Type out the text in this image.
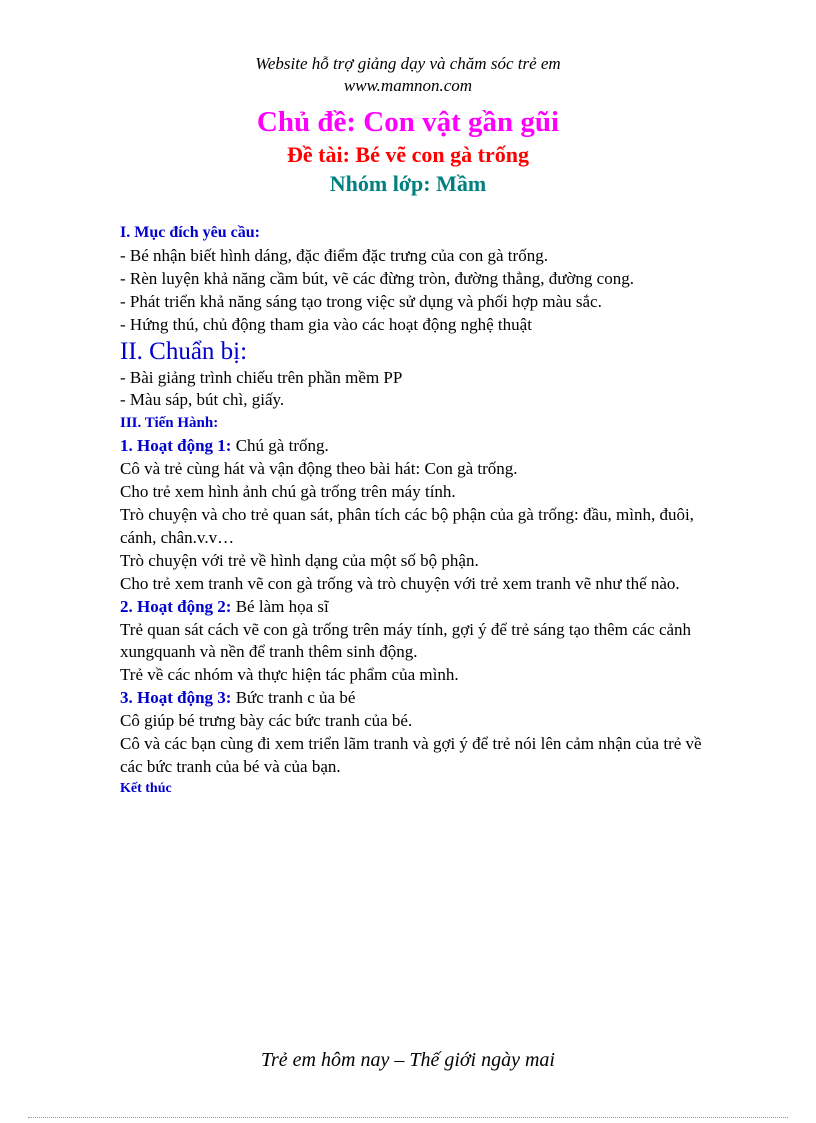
Website hỗ trợ giảng dạy và chăm sóc trẻ em
www.mamnon.com
Chủ đề: Con vật gần gũi
Đề tài: Bé vẽ con gà trống
Nhóm lớp: Mầm

I. Mục đích yêu cầu:

- Bé nhận biết hình dáng, đặc điểm đặc trưng của con gà trống.

- Rèn luyện khả năng cầm bút, vẽ các đừng tròn, đường thẳng, đường cong.

- Phát triển khả năng sáng tạo trong việc sử dụng và phối hợp màu sắc.

- Hứng thú, chủ động tham gia vào các hoạt động nghệ thuật

II. Chuẩn bị:

- Bài giảng trình chiếu trên phần mềm PP

- Màu sáp, bút chì, giấy.

III. Tiến Hành:

1. Hoạt động 1: Chú gà trống.

Cô và trẻ cùng hát và vận động theo bài hát: Con gà trống.

Cho trẻ xem hình ảnh chú gà trống trên máy tính.

Trò chuyện và cho trẻ quan sát, phân tích các bộ phận của gà trống: đầu, mình, đuôi, cánh, chân.v.v…

Trò chuyện với trẻ về hình dạng của một số bộ phận.

Cho trẻ xem tranh vẽ con gà trống và trò chuyện với trẻ xem tranh vẽ như thế nào.

2. Hoạt động 2: Bé làm họa sĩ

Trẻ quan sát cách vẽ con gà trống trên máy tính, gợi ý để trẻ sáng tạo thêm các cảnh xungquanh và nền để tranh thêm sinh động.

Trẻ về các nhóm và thực hiện tác phẩm của mình.

3. Hoạt động 3: Bức tranh c ủa bé

Cô giúp bé trưng bày các bức tranh của bé.

Cô và các bạn cùng đi xem triển lãm tranh và gợi ý để trẻ nói lên cảm nhận của trẻ về các bức tranh của bé và của bạn.

Kết thúc

Trẻ em hôm nay – Thế giới ngày mai
